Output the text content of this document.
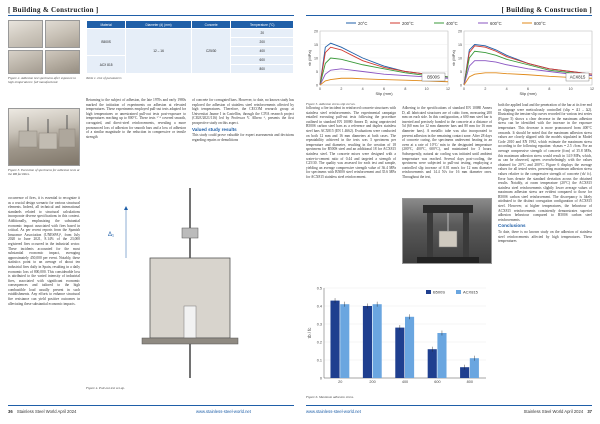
[ Building & Construction ]	[ Building & Construction ]
Figure 2. Adhesion test specimens after exposure to high temperatures: full manufactured.
Figure 3. Execution of specimens for adhesion tests at the RB facilities.
Material	Diameter (d) (mm)	Concrete	Temperature (°C)
B500S	12 – 16	C25/30	20
			200
			400
ACX 815			600
			800
Table 1. List of parameters

Returning to the subject of adhesion, the late 1970s and early 1980s marked the initiation of experiments on adhesion at elevated temperatures. These experiments employed pull-out tests adapted for high temperatures or unrestrained pull-out tests post-exposure to temperatures reaching up to 800°C. These tests ¹⁻⁴ covered smooth, corrugated, and direct-steel reinforcements, revealing a more pronounced loss of adhesion for smooth bars and a loss of adhesion of a similar magnitude to the reduction in compressive or tensile strength

of concrete for corrugated bars. However, to date, no known study has explored the adhesion of stainless steel reinforcements affected by high temperatures. Therefore, the CECOM research group at Universitat Jaume I in Castellón, through the CIVA research project (CIGE/2021/116) led by Professor V. Albero ⁶, presents the first prospective study on this aspect.

Valued study results

This study could prove valuable for expert assessments and decisions regarding repairs or demolitions

occurrence of fires, it is essential to recognize it as a crucial design scenario for various structural elements. Indeed, all technical and international standards related to structural calculations incorporate diverse specifications in this context. Additionally, emphasizing the substantial economic impact associated with fires based in critical. As per recent reports from the Spanish Insurance Association (UNESPA)⁵, from July 2020 to June 2021, 8.14% of the 23,000 registered fires occurred in the industrial sector. These incidents accounted for the most substantial economic impact, averaging approximately 450,000 per event. Notably, these statistics point to an average of about ten industrial fires daily in Spain, resulting in a daily economic loss of 800,000. This considerable loss is attributed to the varied intensity of industrial fires, associated with significant economic consequences and tailored to the high combustible load usually present in such establishments. Any efforts to enhance structural fire resistance can yield positive outcomes in alleviating these substantial economic impacts.

Δ₁
Figure 4. Pull-out test set-up.
20°C	200°C	400°C	600°C	800°C
0
5
10
15
20
0	2	4	6	8	10	12
Slip (mm)
τb (MPa)
B500S
0
5
10
15
20
0	2	4	6	8	10	12
Slip (mm)
τb (MPa)
ACX815
Figure 5. Adhesion stress-slip curves.

following a fire incident in reinforced concrete structures with stainless steel reinforcements. The experimental campaign entailed executing pull-out tests following the procedure outlined in standard EN 10080 Annex D, using unprotected B500S carbon steel bars as a reference and duplex stainless steel bars ACX815 (EN 1.4662). Evaluations were conducted on both 12 mm and 16 mm diameters at both cases. The repeatability achieved in the tests was 3 specimens per temperature and diameter, resulting in the creation of 18 specimens for B500S steel and an additional 18 for ACX815 stainless steel. The concrete mixes were designed with a water-to-cement ratio of 0.44 and targeted a strength of C25/30. The quality was assessed for each test and sample, yielding an average compressive strength value of 36.4 MPa for specimens with B500S steel reinforcement and 35.6 MPa for ACX815 stainless steel reinforcement.

Adhering to the specifications of standard EN 10080 Annex D, all fabricated structures are of cubic form, measuring 200 mm on each side. In this configuration, a 600 mm steel bar is inserted and precisely bonded to the concrete at a distance of 5d (60 mm for 12 mm diameter bars and 80 mm for 16 mm diameter bars). A metallic tube was also incorporated to prevent adhesion in the remaining contact zone. After 28 days of concrete curing, the specimens underwent heating in an oven at a rate of 10°C/ min to the designated temperature (200°C, 400°C, 600°C), and maintained for 3 hours. Subsequently, natural air cooling was initiated until ambient temperature was reached. Several days post-cooling, the specimens were subjected to pull-out testing, employing a controlled slip increase of 0.01 mm/s for 12 mm diameter reinforcements and 14.4 N/s for 16 mm diameter ones. Throughout the test,

both the applied load and the penetration of the bar at its free end or slippage were meticulously controlled (slip = Δ1 – Δ2). Illustrating the tension-slip curves recorded for various test series (Figure 5) shows a clear decrease in the maximum adhesion stress can be identified with the increase in the exposure temperature. This decrease is more pronounced from 400°C onwards. It should be noted that the maximum adhesion stress values are closely aligned with the models stipulated in Model Code 2010 and EN 1992, which estimate the maximum stress according to the following equation: τb,max = 2.5 √fcm. For an average compressive strength of concrete (fcm) of 35.8 MPa, this maximum adhesion stress would result in 14.9 MPa, which, as can be observed, agrees overwhelmingly with the values obtained for 20°C and 200°C. Figure 6 displays the average values for all tested series, presenting maximum adhesion stress values relative to the compressive strength of concrete (τb/ fc). Error bars denote the standard deviation across the obtained results. Notably, at room temperature (20°C) the ACX815 stainless steel reinforcements slightly lower average values of maximum adhesion stress are evident compared to those for B500S carbon steel reinforcement. The discrepancy is likely attributed to the distinct corrugation configuration of ACX815 steel. However, at higher temperatures, the behaviour of ACX815 reinforcements consistently demonstrates superior adhesion behaviour compared to B500S carbon steel reinforcements.

Conclusions

To date, there is no known study on the adhesion of stainless steel reinforcements affected by high temperatures. These temperatures

0
0.1
0.2
0.3
0.4
0.5
τb / fc
20	200	400	600	800
B500S	ACX815
Figure 6. Maximum adhesion stress.
36 Stainless Steel World April 2024	www.stainless-steel-world.net	www.stainless-steel-world.net	Stainless Steel World April 2024 37
